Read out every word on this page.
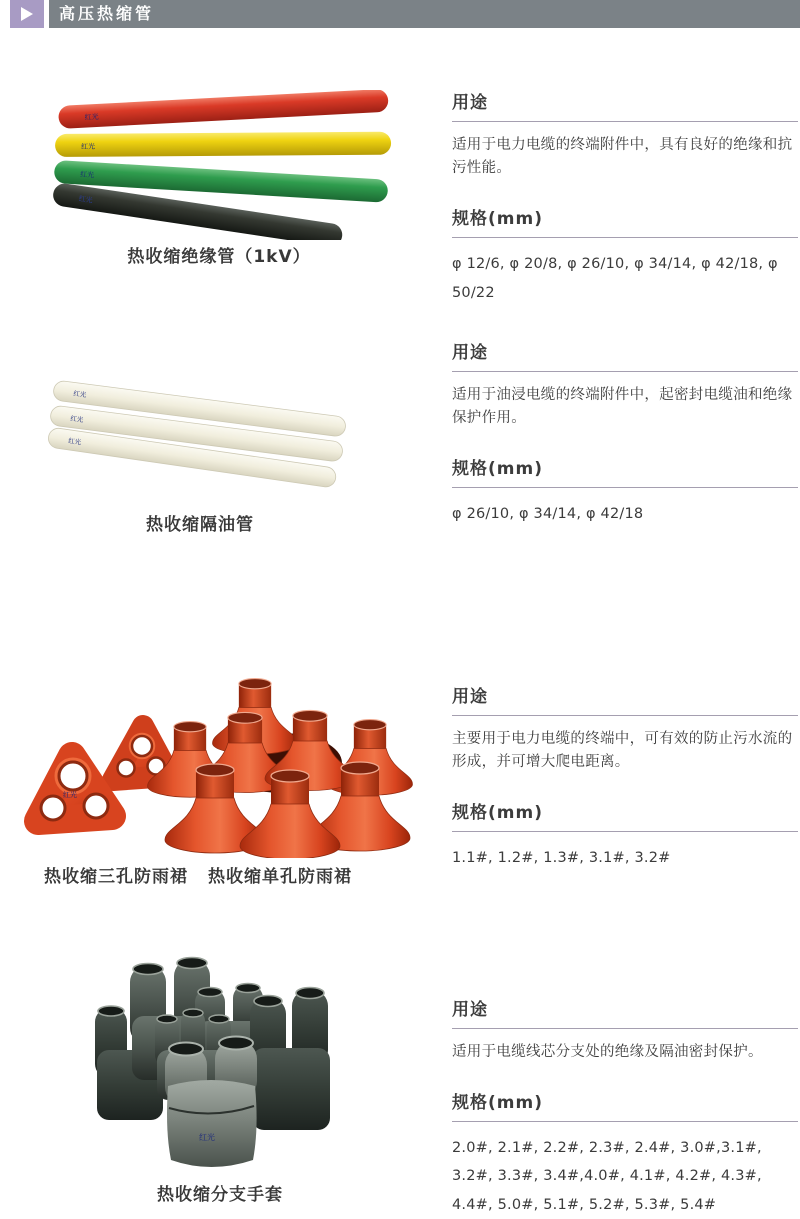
高压热缩管
红光
红光
红光
红光
热收缩绝缘管（1kV）
用途

适用于电力电缆的终端附件中，具有良好的绝缘和抗污性能。

规格(mm)

φ 12/6, φ 20/8, φ 26/10, φ 34/14, φ 42/18, φ 50/22

红光
红光
红光
热收缩隔油管
用途

适用于油浸电缆的终端附件中，起密封电缆油和绝缘保护作用。

规格(mm)

φ 26/10, φ 34/14, φ 42/18

红光
热收缩三孔防雨裙	热收缩单孔防雨裙
用途

主要用于电力电缆的终端中，可有效的防止污水流的形成，并可增大爬电距离。

规格(mm)

1.1#, 1.2#, 1.3#, 3.1#, 3.2#

红光
热收缩分支手套
用途

适用于电缆线芯分支处的绝缘及隔油密封保护。

规格(mm)

2.0#, 2.1#, 2.2#, 2.3#, 2.4#, 3.0#,3.1#, 3.2#, 3.3#, 3.4#,4.0#, 4.1#, 4.2#, 4.3#, 4.4#, 5.0#, 5.1#, 5.2#, 5.3#, 5.4#
